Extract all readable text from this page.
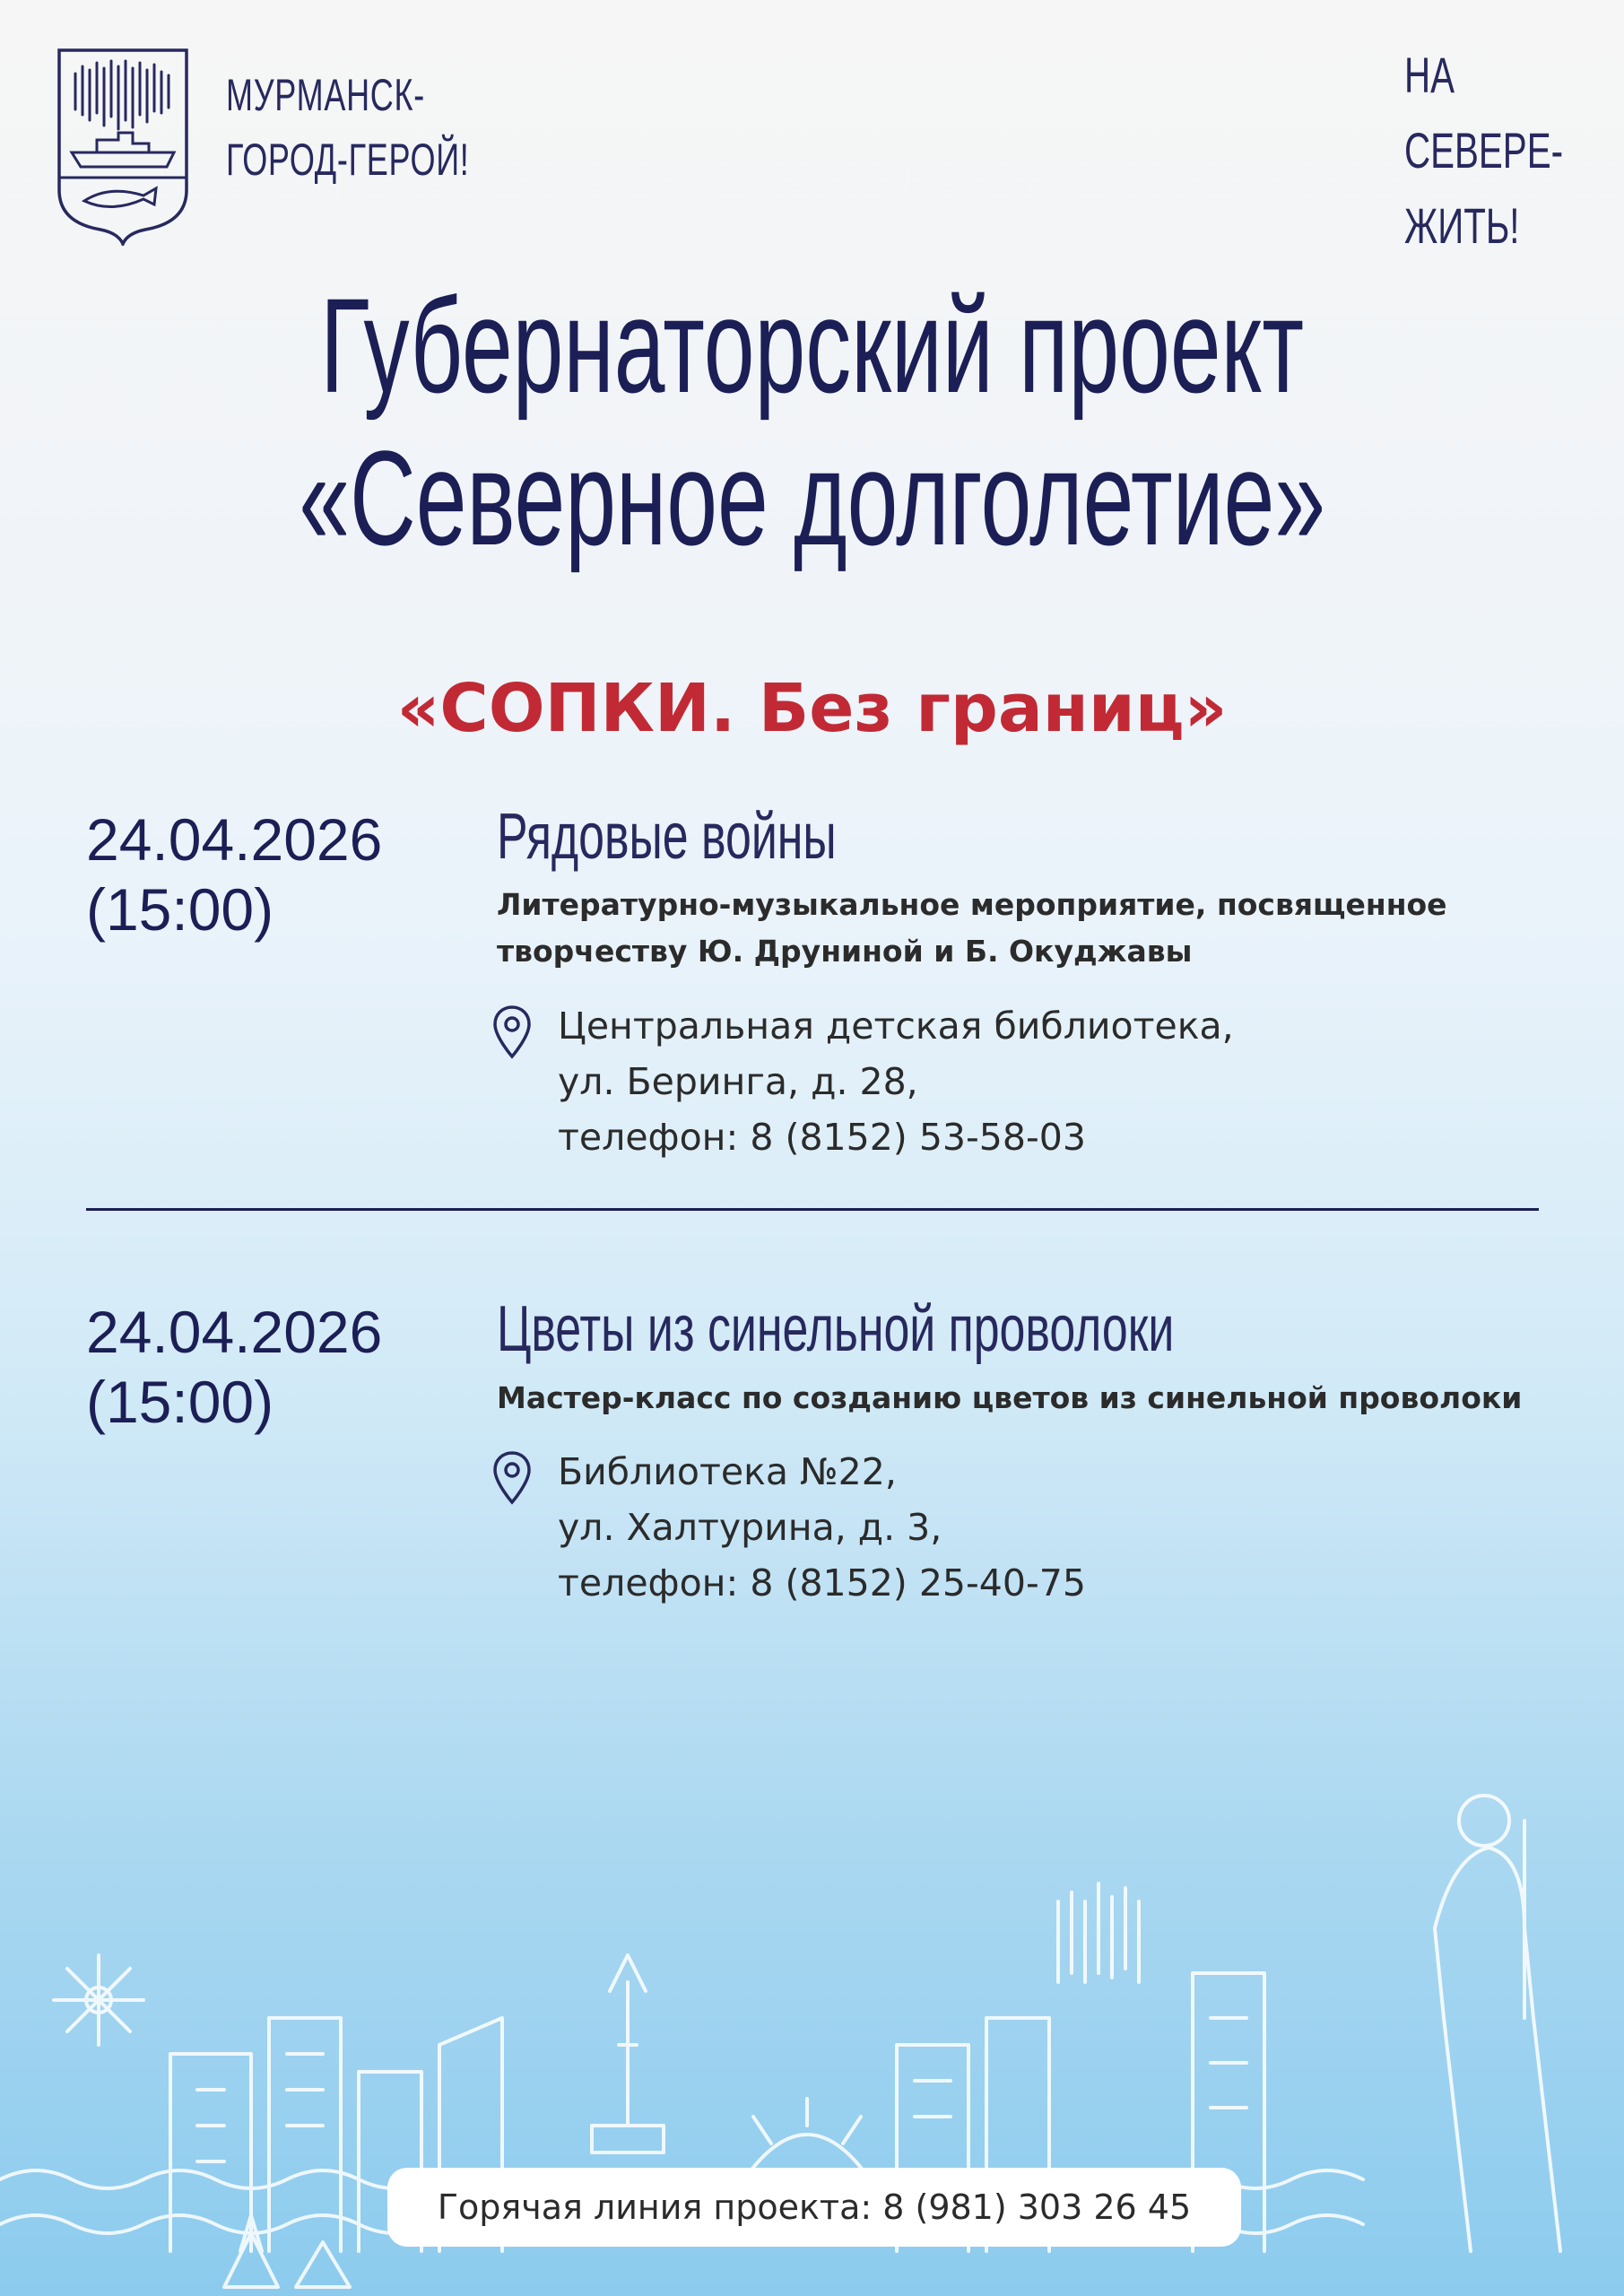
МУРМАНСК-
ГОРОД-ГЕРОЙ!
НА
СЕВЕРЕ-
ЖИТЬ!
Губернаторский проект
«Северное долголетие»
«СОПКИ. Без границ»
24.04.2026
(15:00)
Рядовые войны
Литературно-музыкальное мероприятие, посвященное
творчеству Ю. Друниной и Б. Окуджавы
Центральная детская библиотека,
ул. Беринга, д. 28,
телефон: 8 (8152) 53-58-03
24.04.2026
(15:00)
Цветы из синельной проволоки
Мастер-класс по созданию цветов из синельной проволоки
Библиотека №22,
ул. Халтурина, д. 3,
телефон: 8 (8152) 25-40-75
Горячая линия проекта: 8 (981) 303 26 45
